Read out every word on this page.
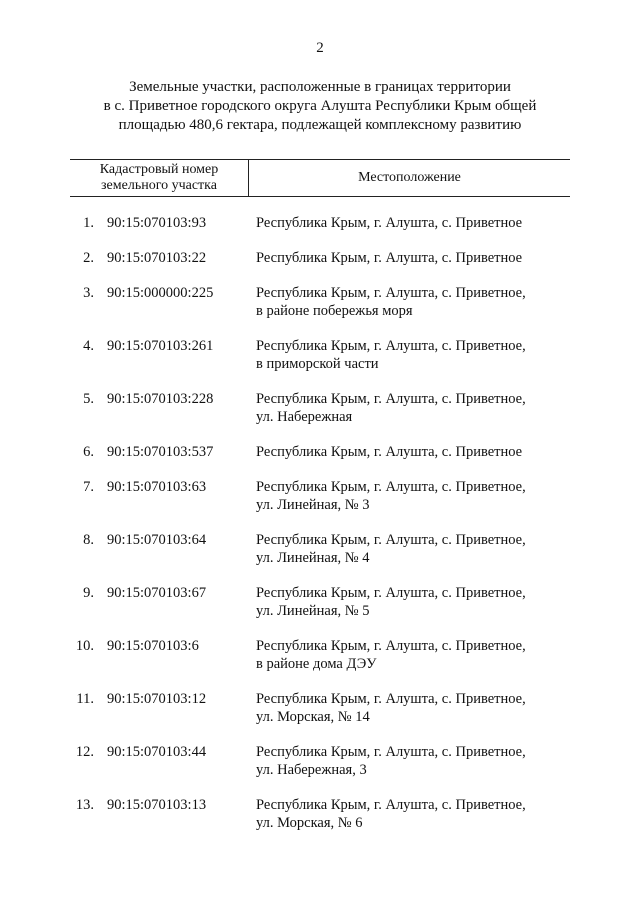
2
Земельные участки, расположенные в границах территории
в с. Приветное городского округа Алушта Республики Крым общей
площадью 480,6 гектара, подлежащей комплексному развитию
Кадастровый номер
земельного участка
Местоположение
1. 90:15:070103:93	Республика Крым, г. Алушта, с. Приветное
2. 90:15:070103:22	Республика Крым, г. Алушта, с. Приветное
3. 90:15:000000:225	Республика Крым, г. Алушта, с. Приветное,
в районе побережья моря
4. 90:15:070103:261	Республика Крым, г. Алушта, с. Приветное,
в приморской части
5. 90:15:070103:228	Республика Крым, г. Алушта, с. Приветное,
ул. Набережная
6. 90:15:070103:537	Республика Крым, г. Алушта, с. Приветное
7. 90:15:070103:63	Республика Крым, г. Алушта, с. Приветное,
ул. Линейная, № 3
8. 90:15:070103:64	Республика Крым, г. Алушта, с. Приветное,
ул. Линейная, № 4
9. 90:15:070103:67	Республика Крым, г. Алушта, с. Приветное,
ул. Линейная, № 5
10. 90:15:070103:6	Республика Крым, г. Алушта, с. Приветное,
в районе дома ДЭУ
11. 90:15:070103:12	Республика Крым, г. Алушта, с. Приветное,
ул. Морская, № 14
12. 90:15:070103:44	Республика Крым, г. Алушта, с. Приветное,
ул. Набережная, 3
13. 90:15:070103:13	Республика Крым, г. Алушта, с. Приветное,
ул. Морская, № 6
